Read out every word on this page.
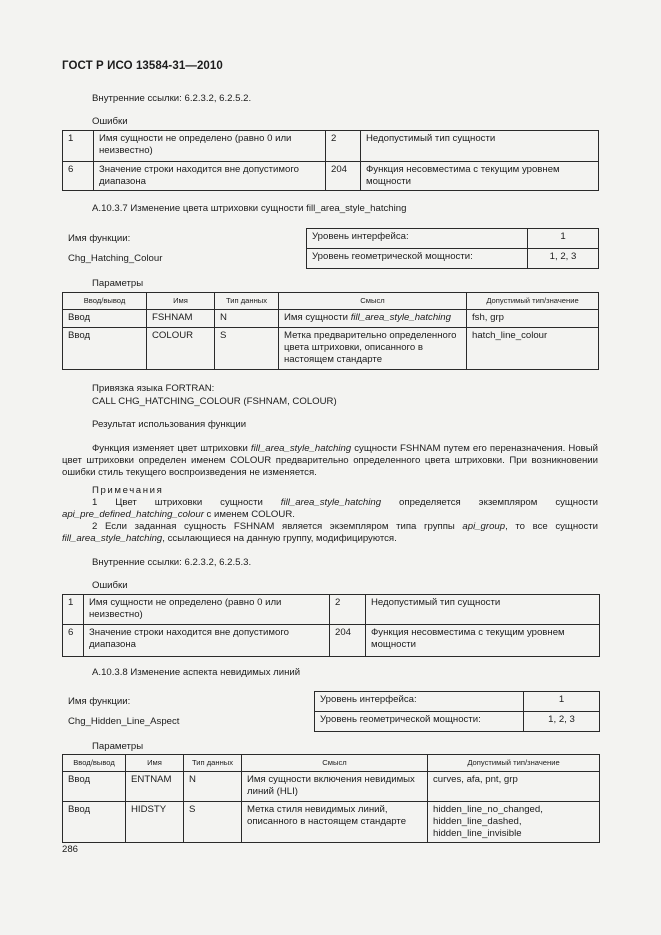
ГОСТ Р ИСО 13584-31—2010
Внутренние ссылки: 6.2.3.2, 6.2.5.2.
Ошибки
1	Имя сущности не определено (равно 0 или неизвестно)	2	Недопустимый тип сущности
6	Значение строки находится вне допустимого диапазона	204	Функция несовместима с текущим уровнем мощности
A.10.3.7 Изменение цвета штриховки сущности fill_area_style_hatching
Имя функции:
Chg_Hatching_Colour
Уровень интерфейса:	1
Уровень геометрической мощности:	1, 2, 3
Параметры
Ввод/вывод	Имя	Тип данных	Смысл	Допустимый тип/значение
Ввод	FSHNAM	N	Имя сущности fill_area_style_hatching	fsh, grp
Ввод	COLOUR	S	Метка предварительно определенного цвета штриховки, описанного в настоящем стандарте	hatch_line_colour
Привязка языка FORTRAN:
CALL CHG_HATCHING_COLOUR (FSHNAM, COLOUR)
Результат использования функции
Функция изменяет цвет штриховки fill_area_style_hatching сущности FSHNAM путем его переназначения. Новый цвет штриховки определен именем COLOUR предварительно определенного цвета штриховки. При возникновении ошибки стиль текущего воспроизведения не изменяется.
Примечания
1 Цвет штриховки сущности fill_area_style_hatching определяется экземпляром сущности api_pre_defined_hatching_colour с именем COLOUR.
2 Если заданная сущность FSHNAM является экземпляром типа группы api_group, то все сущности fill_area_style_hatching, ссылающиеся на данную группу, модифицируются.
Внутренние ссылки: 6.2.3.2, 6.2.5.3.
Ошибки
1	Имя сущности не определено (равно 0 или неизвестно)	2	Недопустимый тип сущности
6	Значение строки находится вне допустимого диапазона	204	Функция несовместима с текущим уровнем мощности
A.10.3.8 Изменение аспекта невидимых линий
Имя функции:
Chg_Hidden_Line_Aspect
Уровень интерфейса:	1
Уровень геометрической мощности:	1, 2, 3
Параметры
Ввод/вывод	Имя	Тип данных	Смысл	Допустимый тип/значение
Ввод	ENTNAM	N	Имя сущности включения невидимых линий (HLI)	curves, afa, pnt, grp
Ввод	HIDSTY	S	Метка стиля невидимых линий, описанного в настоящем стандарте	hidden_line_no_changed, hidden_line_dashed, hidden_line_invisible
286
